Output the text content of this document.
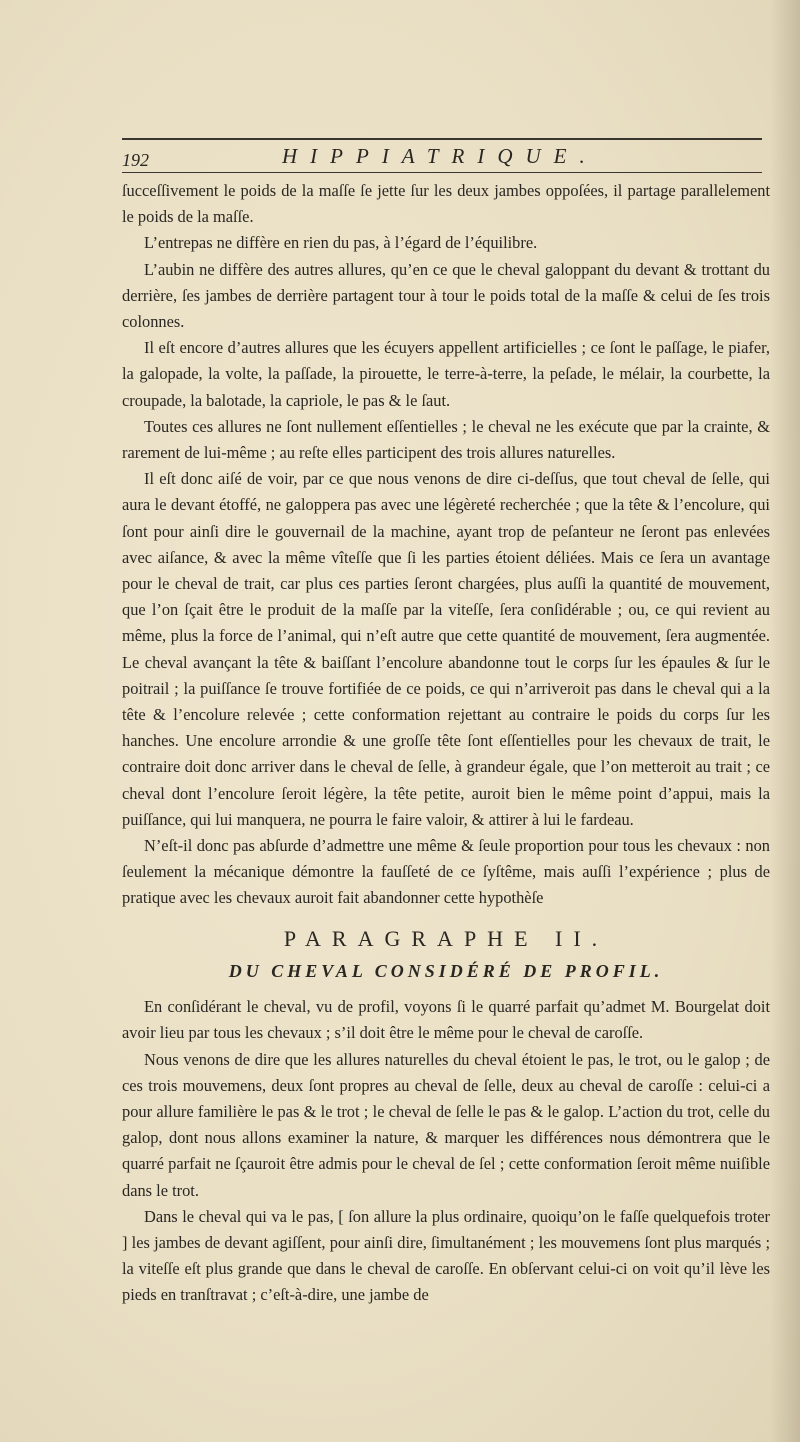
192	HIPPIATRIQUE.

ſucceſſivement le poids de la maſſe ſe jette ſur les deux jambes oppoſées, il partage parallelement le poids de la maſſe.

L’entrepas ne diffère en rien du pas, à l’égard de l’équilibre.

L’aubin ne diffère des autres allures, qu’en ce que le cheval galoppant du devant & trottant du derrière, ſes jambes de derrière partagent tour à tour le poids total de la maſſe & celui de ſes trois colonnes.

Il eſt encore d’autres allures que les écuyers appellent artificielles ; ce ſont le paſſage, le piafer, la galopade, la volte, la paſſade, la pirouette, le terre-à-terre, la peſade, le mélair, la courbette, la croupade, la balotade, la capriole, le pas & le ſaut.

Toutes ces allures ne ſont nullement eſſentielles ; le cheval ne les exécute que par la crainte, & rarement de lui-même ; au reſte elles participent des trois allures naturelles.

Il eſt donc aiſé de voir, par ce que nous venons de dire ci-deſſus, que tout cheval de ſelle, qui aura le devant étoffé, ne galoppera pas avec une légèreté recherchée ; que la tête & l’encolure, qui ſont pour ainſi dire le gouvernail de la machine, ayant trop de peſanteur ne ſeront pas enlevées avec aiſance, & avec la même vîteſſe que ſi les parties étoient déliées. Mais ce ſera un avantage pour le cheval de trait, car plus ces parties ſeront chargées, plus auſſi la quantité de mouvement, que l’on ſçait être le produit de la maſſe par la viteſſe, ſera conſidérable ; ou, ce qui revient au même, plus la force de l’animal, qui n’eſt autre que cette quantité de mouvement, ſera augmentée. Le cheval avançant la tête & baiſſant l’encolure abandonne tout le corps ſur les épaules & ſur le poitrail ; la puiſſance ſe trouve fortifiée de ce poids, ce qui n’arriveroit pas dans le cheval qui a la tête & l’encolure relevée ; cette conformation rejettant au contraire le poids du corps ſur les hanches. Une encolure arrondie & une groſſe tête ſont eſſentielles pour les chevaux de trait, le contraire doit donc arriver dans le cheval de ſelle, à grandeur égale, que l’on metteroit au trait ; ce cheval dont l’encolure ſeroit légère, la tête petite, auroit bien le même point d’appui, mais la puiſſance, qui lui manquera, ne pourra le faire valoir, & attirer à lui le fardeau.

N’eſt-il donc pas abſurde d’admettre une même & ſeule proportion pour tous les chevaux : non ſeulement la mécanique démontre la fauſſeté de ce ſyſtême, mais auſſi l’expérience ; plus de pratique avec les chevaux auroit fait abandonner cette hypothèſe

PARAGRAPHE II.
DU CHEVAL CONSIDÉRÉ DE PROFIL.

En conſidérant le cheval, vu de profil, voyons ſi le quarré parfait qu’admet M. Bourgelat doit avoir lieu par tous les chevaux ; s’il doit être le même pour le cheval de caroſſe.

Nous venons de dire que les allures naturelles du cheval étoient le pas, le trot, ou le galop ; de ces trois mouvemens, deux ſont propres au cheval de ſelle, deux au cheval de caroſſe : celui-ci a pour allure familière le pas & le trot ; le cheval de ſelle le pas & le galop. L’action du trot, celle du galop, dont nous allons examiner la nature, & marquer les différences nous démontrera que le quarré parfait ne ſçauroit être admis pour le cheval de ſel ; cette conformation ſeroit même nuiſible dans le trot.

Dans le cheval qui va le pas, [ ſon allure la plus ordinaire, quoiqu’on le faſſe quelquefois troter ] les jambes de devant agiſſent, pour ainſi dire, ſimultanément ; les mouvemens ſont plus marqués ; la viteſſe eſt plus grande que dans le cheval de caroſſe. En obſervant celui-ci on voit qu’il lève les pieds en tranſtravat ; c’eſt-à-dire, une jambe de
